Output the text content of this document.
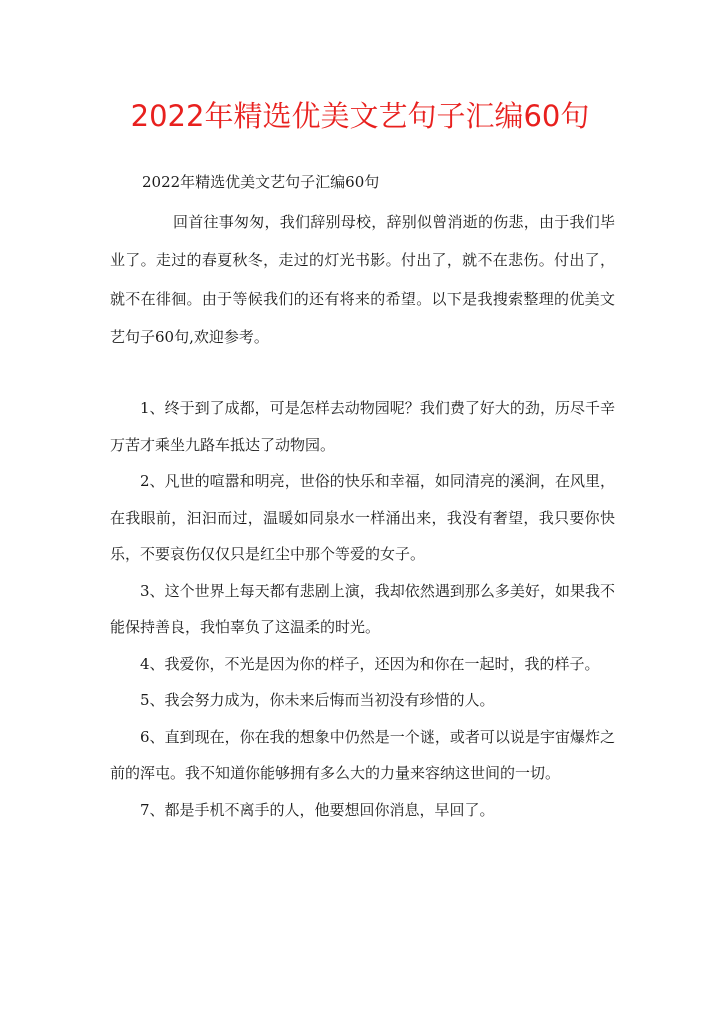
2022年精选优美文艺句子汇编60句
2022年精选优美文艺句子汇编60句

回首往事匆匆，我们辞别母校，辞别似曾消逝的伤悲，由于我们毕业了。走过的春夏秋冬，走过的灯光书影。付出了，就不在悲伤。付出了，就不在徘徊。由于等候我们的还有将来的希望。以下是我搜索整理的优美文艺句子60句,欢迎参考。

1、终于到了成都，可是怎样去动物园呢？我们费了好大的劲，历尽千辛万苦才乘坐九路车抵达了动物园。
2、凡世的喧嚣和明亮，世俗的快乐和幸福，如同清亮的溪涧，在风里，在我眼前，汩汩而过，温暖如同泉水一样涌出来，我没有奢望，我只要你快乐，不要哀伤仅仅只是红尘中那个等爱的女子。
3、这个世界上每天都有悲剧上演，我却依然遇到那么多美好，如果我不能保持善良，我怕辜负了这温柔的时光。
4、我爱你，不光是因为你的样子，还因为和你在一起时，我的样子。
5、我会努力成为，你未来后悔而当初没有珍惜的人。
6、直到现在，你在我的想象中仍然是一个谜，或者可以说是宇宙爆炸之前的浑屯。我不知道你能够拥有多么大的力量来容纳这世间的一切。
7、都是手机不离手的人，他要想回你消息，早回了。
